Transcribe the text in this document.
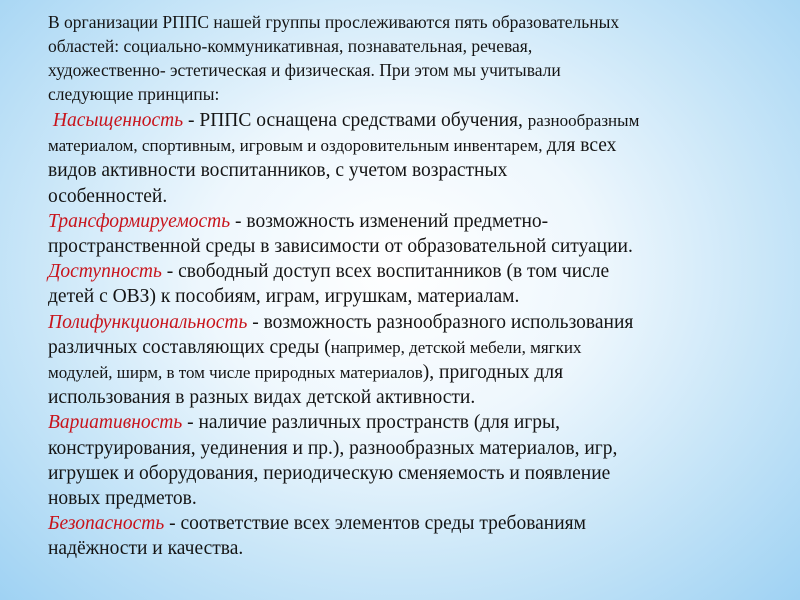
В организации РППС нашей группы прослеживаются пять образовательных
областей: социально-коммуникативная, познавательная, речевая,
художественно- эстетическая и физическая. При этом мы учитывали
следующие принципы:

Насыщенность - РППС оснащена средствами обучения, разнообразным
материалом, спортивным, игровым и оздоровительным инвентарем, для всех
видов активности воспитанников, с учетом возрастных
особенностей.
Трансформируемость - возможность изменений предметно-
пространственной среды в зависимости от образовательной ситуации.
Доступность - свободный доступ всех воспитанников (в том числе
детей с ОВЗ) к пособиям, играм, игрушкам, материалам.
Полифункциональность - возможность разнообразного использования
различных составляющих среды (например, детской мебели, мягких
модулей, ширм, в том числе природных материалов), пригодных для
использования в разных видах детской активности.
Вариативность - наличие различных пространств (для игры,
конструирования, уединения и пр.), разнообразных материалов, игр,
игрушек и оборудования, периодическую сменяемость и появление
новых предметов.
Безопасность - соответствие всех элементов среды требованиям
надёжности и качества.
